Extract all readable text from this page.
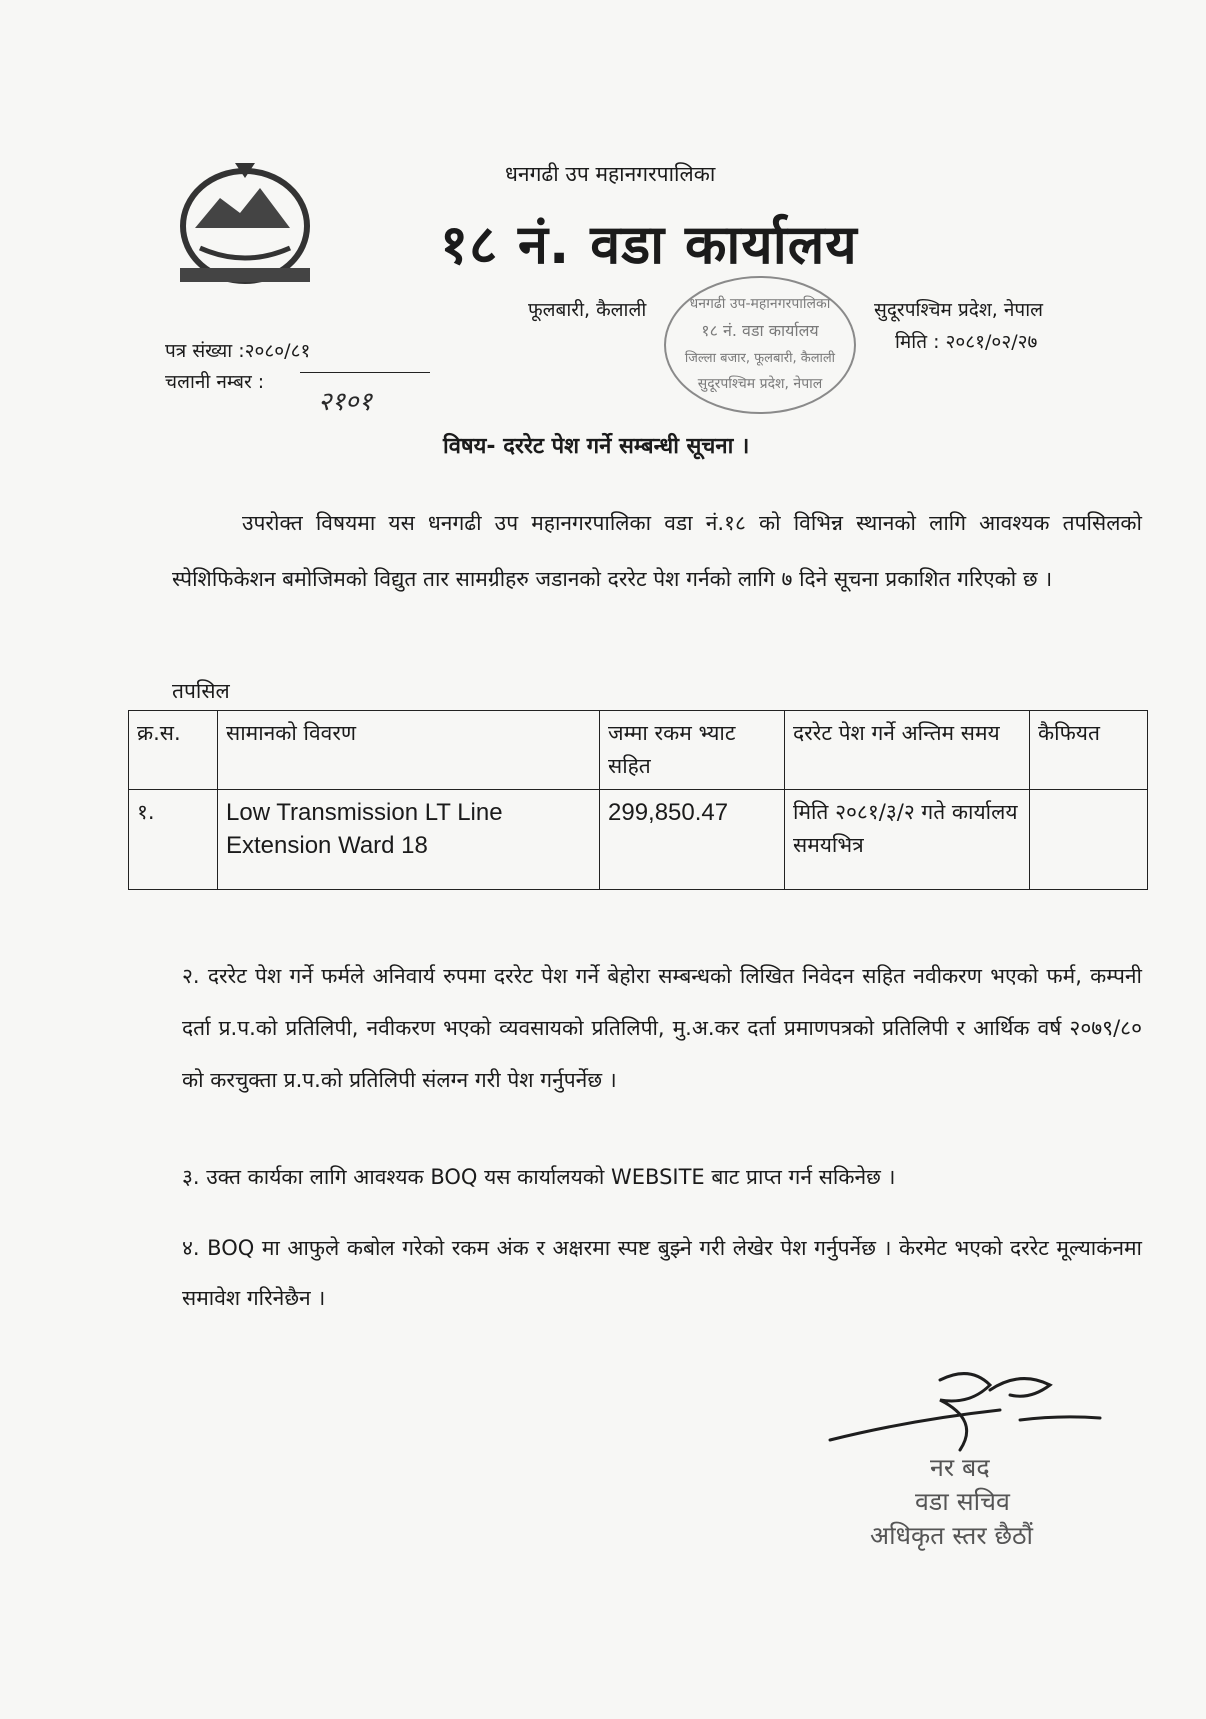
धनगढी उप महानगरपालिका
१८ नं. वडा कार्यालय
फूलबारी, कैलाली	सुदूरपश्चिम प्रदेश, नेपाल
मिति : २०८१/०२/२७
पत्र संख्या :२०८०/८१
चलानी नम्बर :
२१०१
धनगढी उप-महानगरपालिका
१८ नं. वडा कार्यालय
जिल्ला बजार, फूलबारी, कैलाली
सुदूरपश्चिम प्रदेश, नेपाल
विषय- दररेट पेश गर्ने सम्बन्धी सूचना ।
उपरोक्त विषयमा यस धनगढी उप महानगरपालिका वडा नं.१८ को विभिन्न स्थानको लागि आवश्यक तपसिलको स्पेशिफिकेशन बमोजिमको विद्युत तार सामग्रीहरु जडानको दररेट पेश गर्नको लागि ७ दिने सूचना प्रकाशित गरिएको छ ।
तपसिल
क्र.स.	सामानको विवरण	जम्मा रकम भ्याट सहित	दररेट पेश गर्ने अन्तिम समय	कैफियत
१.	Low Transmission LT Line Extension Ward 18	299,850.47	मिति २०८१/३/२ गते कार्यालय समयभित्र	
२. दररेट पेश गर्ने फर्मले अनिवार्य रुपमा दररेट पेश गर्ने बेहोरा सम्बन्धको लिखित निवेदन सहित नवीकरण भएको फर्म, कम्पनी दर्ता प्र.प.को प्रतिलिपी, नवीकरण भएको व्यवसायको प्रतिलिपी, मु.अ.कर दर्ता प्रमाणपत्रको प्रतिलिपी र आर्थिक वर्ष २०७९/८० को करचुक्ता प्र.प.को प्रतिलिपी संलग्न गरी पेश गर्नुपर्नेछ ।
३. उक्त कार्यका लागि आवश्यक BOQ यस कार्यालयको WEBSITE बाट प्राप्त गर्न सकिनेछ ।
४. BOQ मा आफुले कबोल गरेको रकम अंक र अक्षरमा स्पष्ट बुझ्ने गरी लेखेर पेश गर्नुपर्नेछ । केरमेट भएको दररेट मूल्याकंनमा समावेश गरिनेछैन ।
नर बद
वडा सचिव
अधिकृत स्तर छैठौं
